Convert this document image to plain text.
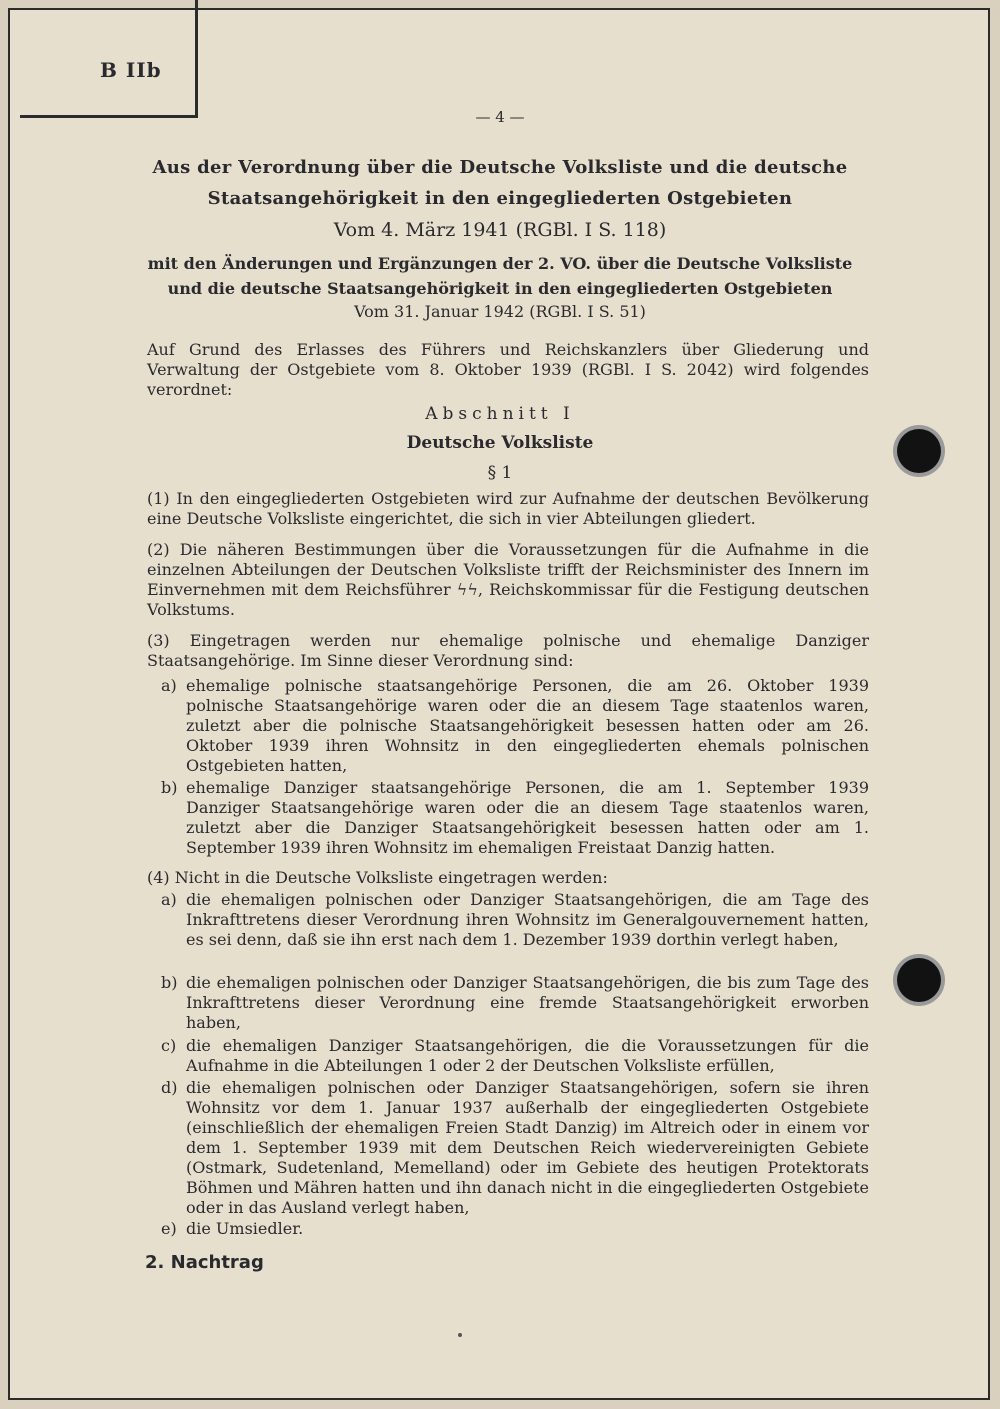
B IIb
— 4 —
Aus der Verordnung über die Deutsche Volksliste und die deutsche
Staatsangehörigkeit in den eingegliederten Ostgebieten
Vom 4. März 1941 (RGBl. I S. 118)
mit den Änderungen und Ergänzungen der 2. VO. über die Deutsche Volksliste
und die deutsche Staatsangehörigkeit in den eingegliederten Ostgebieten
Vom 31. Januar 1942 (RGBl. I S. 51)
Auf Grund des Erlasses des Führers und Reichskanzlers über Gliederung und Verwaltung der Ostgebiete vom 8. Oktober 1939 (RGBl. I S. 2042) wird folgendes verordnet:
Abschnitt I
Deutsche Volksliste
§ 1
(1) In den eingegliederten Ostgebieten wird zur Aufnahme der deutschen Bevölkerung eine Deutsche Volksliste eingerichtet, die sich in vier Abteilungen gliedert.
(2) Die näheren Bestimmungen über die Voraussetzungen für die Aufnahme in die einzelnen Abteilungen der Deutschen Volksliste trifft der Reichsminister des Innern im Einvernehmen mit dem Reichsführer ϟϟ, Reichskommissar für die Festigung deutschen Volkstums.
(3) Eingetragen werden nur ehemalige polnische und ehemalige Danziger Staatsangehörige. Im Sinne dieser Verordnung sind:
a) ehemalige polnische staatsangehörige Personen, die am 26. Oktober 1939 polnische Staatsangehörige waren oder die an diesem Tage staatenlos waren, zuletzt aber die polnische Staatsangehörigkeit besessen hatten oder am 26. Oktober 1939 ihren Wohnsitz in den eingegliederten ehemals polnischen Ostgebieten hatten,
b) ehemalige Danziger staatsangehörige Personen, die am 1. September 1939 Danziger Staatsangehörige waren oder die an diesem Tage staatenlos waren, zuletzt aber die Danziger Staatsangehörigkeit besessen hatten oder am 1. September 1939 ihren Wohnsitz im ehemaligen Freistaat Danzig hatten.
(4) Nicht in die Deutsche Volksliste eingetragen werden:
a) die ehemaligen polnischen oder Danziger Staatsangehörigen, die am Tage des Inkrafttretens dieser Verordnung ihren Wohnsitz im Generalgouvernement hatten, es sei denn, daß sie ihn erst nach dem 1. Dezember 1939 dorthin verlegt haben,
b) die ehemaligen polnischen oder Danziger Staatsangehörigen, die bis zum Tage des Inkrafttretens dieser Verordnung eine fremde Staatsangehörigkeit erworben haben,
c) die ehemaligen Danziger Staatsangehörigen, die die Voraussetzungen für die Aufnahme in die Abteilungen 1 oder 2 der Deutschen Volksliste erfüllen,
d) die ehemaligen polnischen oder Danziger Staatsangehörigen, sofern sie ihren Wohnsitz vor dem 1. Januar 1937 außerhalb der eingegliederten Ostgebiete (einschließlich der ehemaligen Freien Stadt Danzig) im Altreich oder in einem vor dem 1. September 1939 mit dem Deutschen Reich wiedervereinigten Gebiete (Ostmark, Sudetenland, Memelland) oder im Gebiete des heutigen Protektorats Böhmen und Mähren hatten und ihn danach nicht in die eingegliederten Ostgebiete oder in das Ausland verlegt haben,
e) die Umsiedler.
2. Nachtrag
